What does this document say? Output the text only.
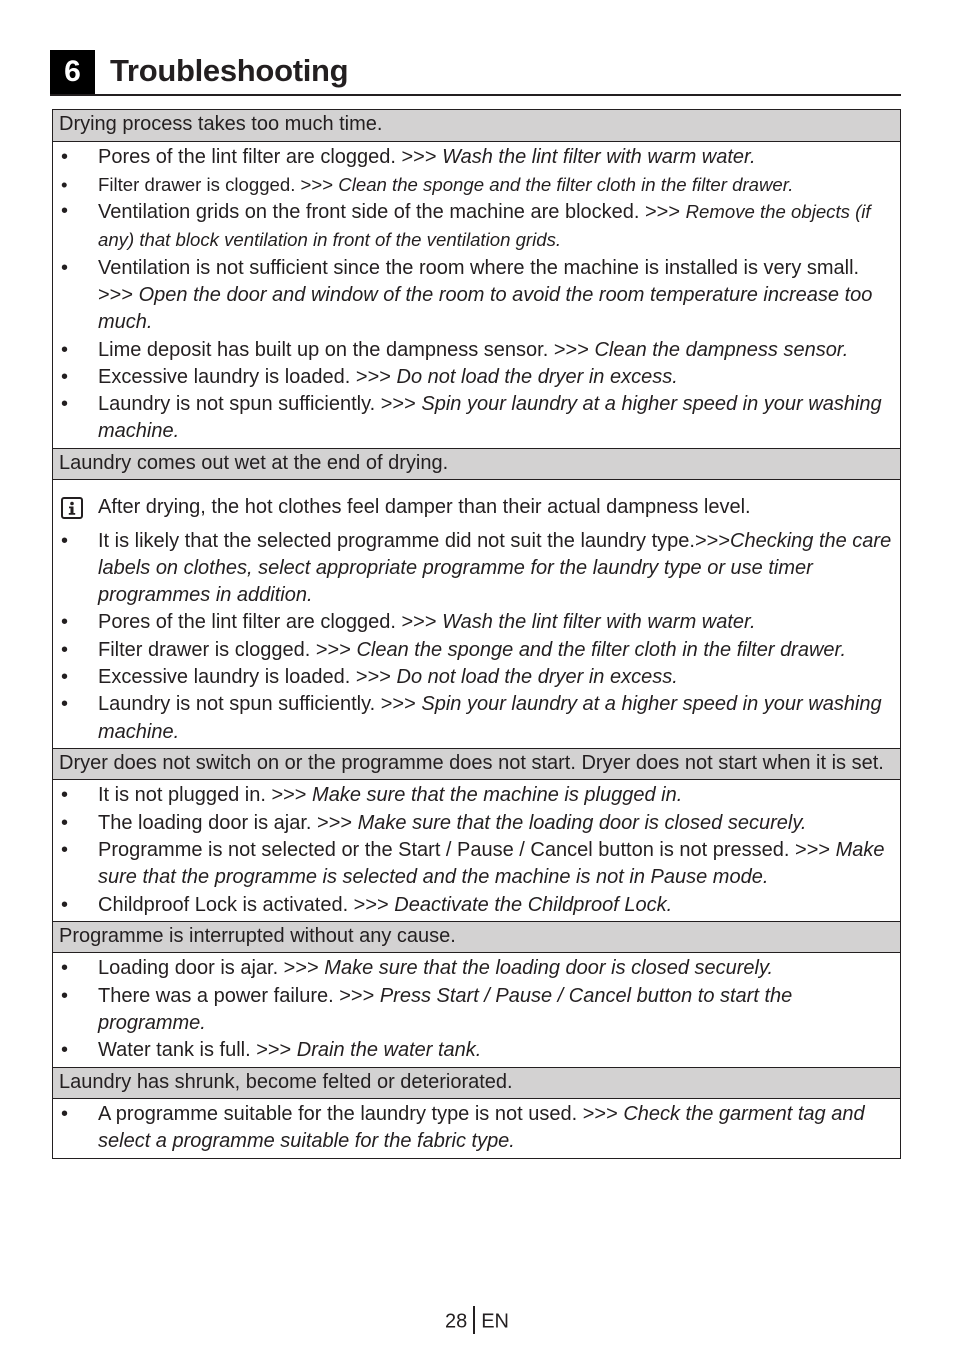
6 Troubleshooting
Drying process takes too much time.
•	Pores of the lint filter are clogged. >>> Wash the lint filter with warm water.
•	Filter drawer is clogged. >>> Clean the sponge and the filter cloth in the filter drawer.
•	Ventilation grids on the front side of the machine are blocked. >>> Remove the objects (if any) that block ventilation in front of the ventilation grids.
•	Ventilation is not sufficient since the room where the machine is installed is very small. >>> Open the door and window of the room to avoid the room temperature increase too much.
•	Lime deposit has built up on the dampness sensor. >>> Clean the dampness sensor.
•	Excessive laundry is loaded. >>> Do not load the dryer in excess.
•	Laundry is not spun sufficiently. >>> Spin your laundry at a higher speed in your washing machine.
Laundry comes out wet at the end of drying.
After drying, the hot clothes feel damper than their actual dampness level.
•	It is likely that the selected programme did not suit the laundry type.>>>Checking the care labels on clothes, select appropriate programme for the laundry type or use timer programmes in addition.
•	Pores of the lint filter are clogged. >>> Wash the lint filter with warm water.
•	Filter drawer is clogged. >>> Clean the sponge and the filter cloth in the filter drawer.
•	Excessive laundry is loaded. >>> Do not load the dryer in excess.
•	Laundry is not spun sufficiently. >>> Spin your laundry at a higher speed in your washing machine.
Dryer does not switch on or the programme does not start. Dryer does not start when it is set.
•	It is not plugged in. >>> Make sure that the machine is plugged in.
•	The loading door is ajar. >>> Make sure that the loading door is closed securely.
•	Programme is not selected or the Start / Pause / Cancel button is not pressed. >>> Make sure that the programme is selected and the machine is not in Pause mode.
•	Childproof Lock is activated. >>> Deactivate the Childproof Lock.
Programme is interrupted without any cause.
•	Loading door is ajar. >>> Make sure that the loading door is closed securely.
•	There was a power failure. >>> Press Start / Pause / Cancel button to start the programme.
•	Water tank is full. >>> Drain the water tank.
Laundry has shrunk, become felted or deteriorated.
•	A programme suitable for the laundry type is not used. >>> Check the garment tag and select a programme suitable for the fabric type.
28 EN
